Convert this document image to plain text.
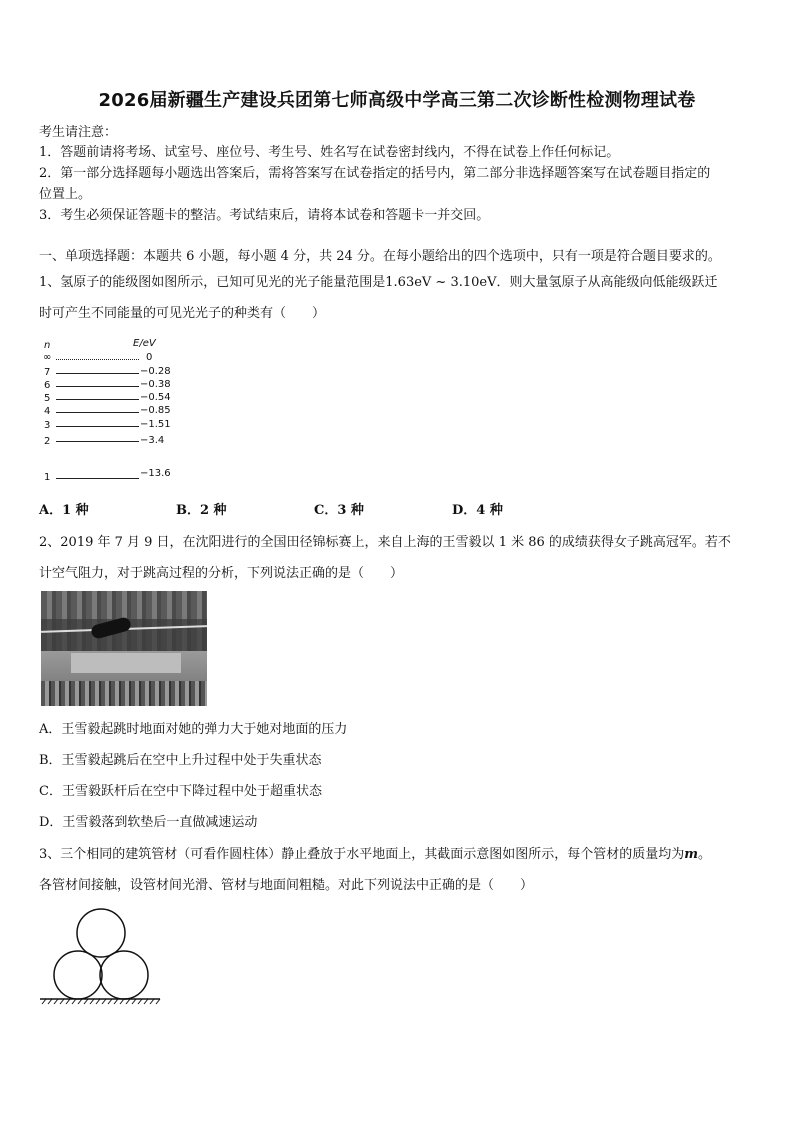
2026届新疆生产建设兵团第七师高级中学高三第二次诊断性检测物理试卷
考生请注意：
1．答题前请将考场、试室号、座位号、考生号、姓名写在试卷密封线内，不得在试卷上作任何标记。
2．第一部分选择题每小题选出答案后，需将答案写在试卷指定的括号内，第二部分非选择题答案写在试卷题目指定的
位置上。
3．考生必须保证答题卡的整洁。考试结束后，请将本试卷和答题卡一并交回。
一、单项选择题：本题共 6 小题，每小题 4 分，共 24 分。在每小题给出的四个选项中，只有一项是符合题目要求的。
1、氢原子的能级图如图所示，已知可见光的光子能量范围是1.63eV ~ 3.10eV．则大量氢原子从高能级向低能级跃迁
时可产生不同能量的可见光光子的种类有（　　）
n	E/eV
∞	0
7	−0.28
6	−0.38
5	−0.54
4	−0.85
3	−1.51
2	−3.4
1	−13.6
A．1 种	B．2 种	C．3 种	D．4 种
2、2019 年 7 月 9 日，在沈阳进行的全国田径锦标赛上，来自上海的王雪毅以 1 米 86 的成绩获得女子跳高冠军。若不
计空气阻力，对于跳高过程的分析，下列说法正确的是（　　）
A．王雪毅起跳时地面对她的弹力大于她对地面的压力
B．王雪毅起跳后在空中上升过程中处于失重状态
C．王雪毅跃杆后在空中下降过程中处于超重状态
D．王雪毅落到软垫后一直做减速运动
3、三个相同的建筑管材（可看作圆柱体）静止叠放于水平地面上，其截面示意图如图所示，每个管材的质量均为m。
各管材间接触，设管材间光滑、管材与地面间粗糙。对此下列说法中正确的是（　　）
